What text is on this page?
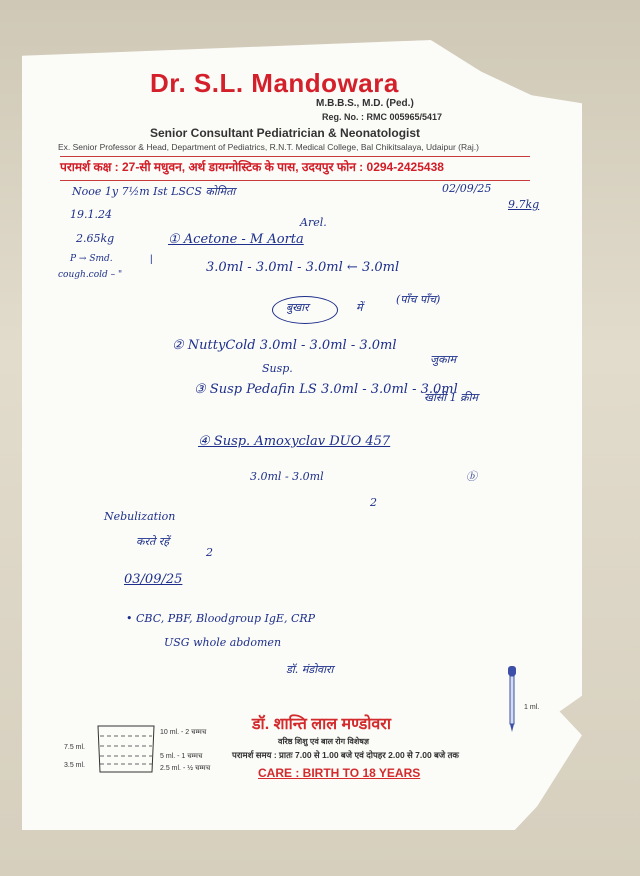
Dr. S.L. Mandowara
M.B.B.S., M.D. (Ped.)
Reg. No. : RMC 005965/5417
Senior Consultant Pediatrician & Neonatologist
Ex. Senior Professor & Head, Department of Pediatrics, R.N.T. Medical College, Bal Chikitsalaya, Udaipur (Raj.)
परामर्श कक्ष : 27-सी मधुवन, अर्थ डायग्नोस्टिक के पास, उदयपुर फोन : 0294-2425438
Nooe 1y 7½m Ist LSCS कोमिता	02/09/25
9.7kg
19.1.24
Arel.
2.65kg
P → Smd.
cough.cold – "
|
① Acetone - M Aorta
3.0ml - 3.0ml - 3.0ml ← 3.0ml
बुखार	में
(पाँच पाँच)
② NuttyCold 3.0ml - 3.0ml - 3.0ml
Susp.
जुकाम
③ Susp Pedafin LS 3.0ml - 3.0ml - 3.0ml
खाँसी 1 क्रीम
④ Susp. Amoxyclav DUO 457
3.0ml - 3.0ml	ⓑ
2
Nebulization
करते रहें
2
03/09/25
• CBC, PBF, Bloodgroup IgE, CRP
USG whole abdomen
डॉ. मंडोवारा
10 ml. - 2 चम्मच
5 ml. - 1 चम्मच
2.5 ml. - ½ चम्मच
7.5 ml.
3.5 ml.
डॉ. शान्ति लाल मण्डोवरा
वरिष्ठ शिशु एवं बाल रोग विशेषज्ञ
परामर्श समय : प्रातः 7.00 से 1.00 बजे एवं दोपहर 2.00 से 7.00 बजे तक
CARE : BIRTH TO 18 YEARS
1 ml.
